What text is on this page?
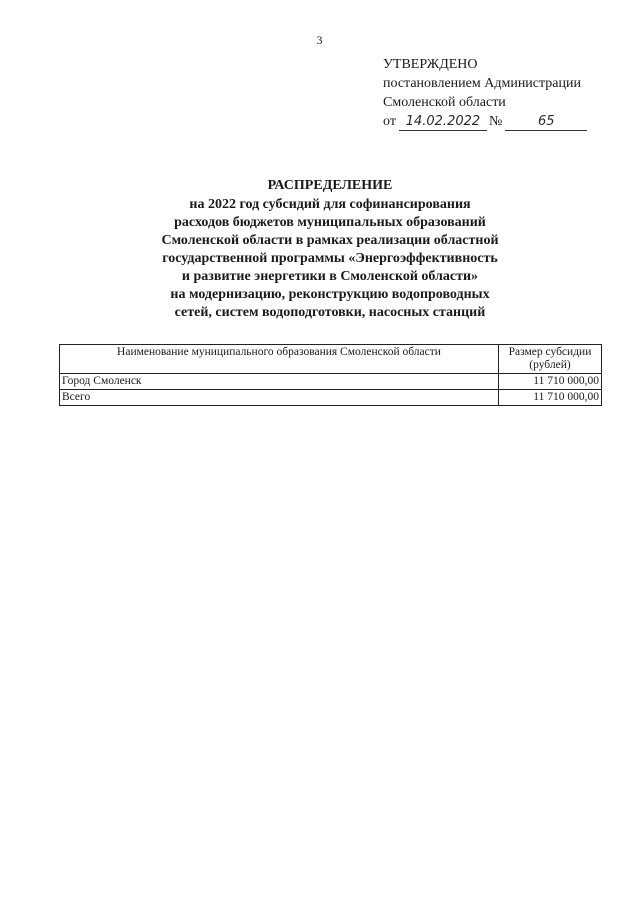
3
УТВЕРЖДЕНО
постановлением Администрации
Смоленской области
от 14.02.2022 №	65
РАСПРЕДЕЛЕНИЕ
на 2022 год субсидий для софинансирования
расходов бюджетов муниципальных образований
Смоленской области в рамках реализации областной
государственной программы «Энергоэффективность
и развитие энергетики в Смоленской области»
на модернизацию, реконструкцию водопроводных
сетей, систем водоподготовки, насосных станций
Наименование муниципального образования Смоленской области	Размер субсидии
(рублей)

Город Смоленск	11 710 000,00
Всего	11 710 000,00
